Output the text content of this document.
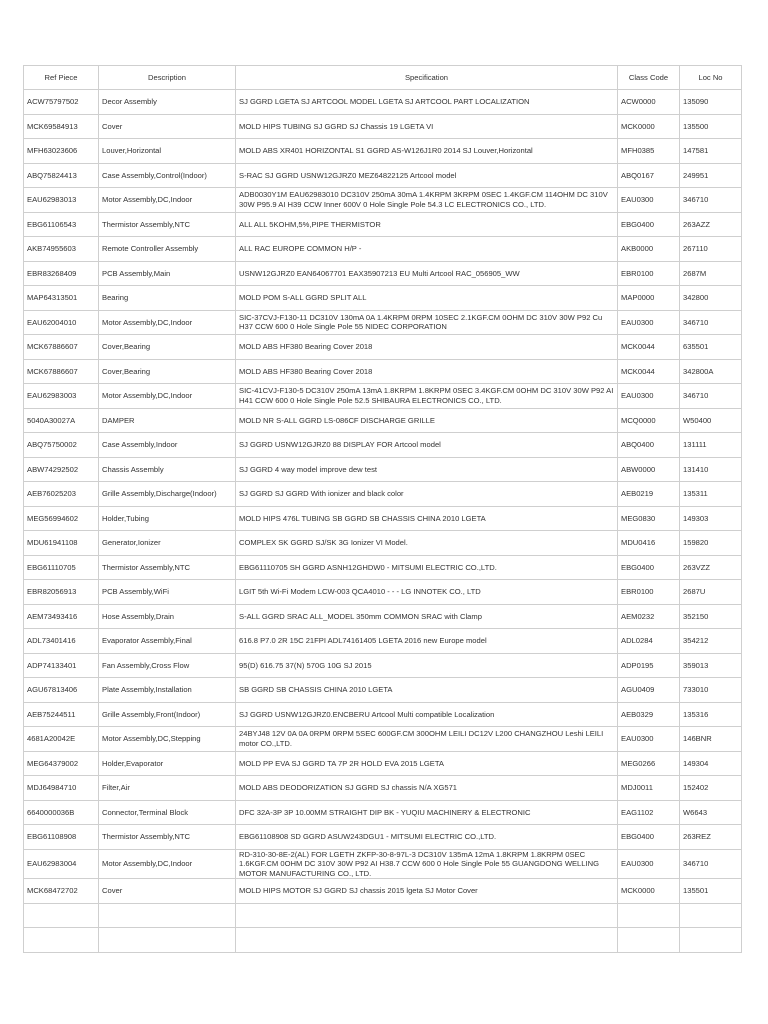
Ref Piece	Description	Specification	Class Code	Loc No
ACW75797502	Decor Assembly	SJ GGRD LGETA SJ ARTCOOL MODEL LGETA SJ ARTCOOL PART LOCALIZATION	ACW0000	135090
MCK69584913	Cover	MOLD HIPS TUBING SJ GGRD SJ Chassis 19 LGETA VI	MCK0000	135500
MFH63023606	Louver,Horizontal	MOLD ABS XR401 HORIZONTAL S1 GGRD AS-W126J1R0 2014 SJ Louver,Horizontal	MFH0385	147581
ABQ75824413	Case Assembly,Control(Indoor)	S-RAC SJ GGRD USNW12GJRZ0 MEZ64822125 Artcool model	ABQ0167	249951
EAU62983013	Motor Assembly,DC,Indoor	ADB0030Y1M EAU62983010 DC310V 250mA 30mA 1.4KRPM 3KRPM 0SEC 1.4KGF.CM 114OHM DC 310V 30W P95.9 AI H39 CCW Inner 600V 0 Hole Single Pole 54.3 LC ELECTRONICS CO., LTD.	EAU0300	346710
EBG61106543	Thermistor Assembly,NTC	ALL ALL 5KOHM,5%,PIPE THERMISTOR	EBG0400	263AZZ
AKB74955603	Remote Controller Assembly	ALL RAC EUROPE COMMON H/P -	AKB0000	267110
EBR83268409	PCB Assembly,Main	USNW12GJRZ0 EAN64067701 EAX35907213 EU Multi Artcool RAC_056905_WW	EBR0100	2687M
MAP64313501	Bearing	MOLD POM S-ALL GGRD SPLIT ALL	MAP0000	342800
EAU62004010	Motor Assembly,DC,Indoor	SIC-37CVJ-F130-11 DC310V 130mA 0A 1.4KRPM 0RPM 10SEC 2.1KGF.CM 0OHM DC 310V 30W P92 Cu H37 CCW 600 0 Hole Single Pole 55 NIDEC CORPORATION	EAU0300	346710
MCK67886607	Cover,Bearing	MOLD ABS HF380 Bearing Cover 2018	MCK0044	635501
MCK67886607	Cover,Bearing	MOLD ABS HF380 Bearing Cover 2018	MCK0044	342800A
EAU62983003	Motor Assembly,DC,Indoor	SIC-41CVJ-F130-5 DC310V 250mA 13mA 1.8KRPM 1.8KRPM 0SEC 3.4KGF.CM 0OHM DC 310V 30W P92 AI H41 CCW 600 0 Hole Single Pole 52.5 SHIBAURA ELECTRONICS CO., LTD.	EAU0300	346710
5040A30027A	DAMPER	MOLD NR S-ALL GGRD LS-086CF DISCHARGE GRILLE	MCQ0000	W50400
ABQ75750002	Case Assembly,Indoor	SJ GGRD USNW12GJRZ0 88 DISPLAY FOR Artcool model	ABQ0400	131111
ABW74292502	Chassis Assembly	SJ GGRD 4 way model improve dew test	ABW0000	131410
AEB76025203	Grille Assembly,Discharge(Indoor)	SJ GGRD SJ GGRD With ionizer and black color	AEB0219	135311
MEG56994602	Holder,Tubing	MOLD HIPS 476L TUBING SB GGRD SB CHASSIS CHINA 2010 LGETA	MEG0830	149303
MDU61941108	Generator,Ionizer	COMPLEX SK GGRD SJ/SK 3G Ionizer VI Model.	MDU0416	159820
EBG61110705	Thermistor Assembly,NTC	EBG61110705 SH GGRD ASNH12GHDW0 - MITSUMI ELECTRIC CO.,LTD.	EBG0400	263VZZ
EBR82056913	PCB Assembly,WiFi	LGIT 5th Wi-Fi Modem LCW-003 QCA4010 - - - LG INNOTEK CO., LTD	EBR0100	2687U
AEM73493416	Hose Assembly,Drain	S-ALL GGRD SRAC ALL_MODEL 350mm COMMON SRAC with Clamp	AEM0232	352150
ADL73401416	Evaporator Assembly,Final	616.8 P7.0 2R 15C 21FPI ADL74161405 LGETA 2016 new Europe model	ADL0284	354212
ADP74133401	Fan Assembly,Cross Flow	95(D) 616.75 37(N) 570G 10G SJ 2015	ADP0195	359013
AGU67813406	Plate Assembly,Installation	SB GGRD SB CHASSIS CHINA 2010 LGETA	AGU0409	733010
AEB75244511	Grille Assembly,Front(Indoor)	SJ GGRD USNW12GJRZ0.ENCBERU Artcool Multi compatible Localization	AEB0329	135316
4681A20042E	Motor Assembly,DC,Stepping	24BYJ48 12V 0A 0A 0RPM 0RPM 5SEC 600GF.CM 300OHM LEILI DC12V L200 CHANGZHOU Leshi LEILI motor CO.,LTD.	EAU0300	146BNR
MEG64379002	Holder,Evaporator	MOLD PP EVA SJ GGRD TA 7P 2R HOLD EVA 2015 LGETA	MEG0266	149304
MDJ64984710	Filter,Air	MOLD ABS DEODORIZATION SJ GGRD SJ chassis N/A XG571	MDJ0011	152402
6640000036B	Connector,Terminal Block	DFC 32A-3P 3P 10.00MM STRAIGHT DIP BK - YUQIU MACHINERY & ELECTRONIC	EAG1102	W6643
EBG61108908	Thermistor Assembly,NTC	EBG61108908 SD GGRD ASUW243DGU1 - MITSUMI ELECTRIC CO.,LTD.	EBG0400	263REZ
EAU62983004	Motor Assembly,DC,Indoor	RD-310-30-8E-2(AL) FOR LGETH ZKFP-30-8-97L-3 DC310V 135mA 12mA 1.8KRPM 1.8KRPM 0SEC 1.6KGF.CM 0OHM DC 310V 30W P92 AI H38.7 CCW 600 0 Hole Single Pole 55 GUANGDONG WELLING MOTOR MANUFACTURING CO., LTD.	EAU0300	346710
MCK68472702	Cover	MOLD HIPS MOTOR SJ GGRD SJ chassis 2015 lgeta SJ Motor Cover	MCK0000	135501
